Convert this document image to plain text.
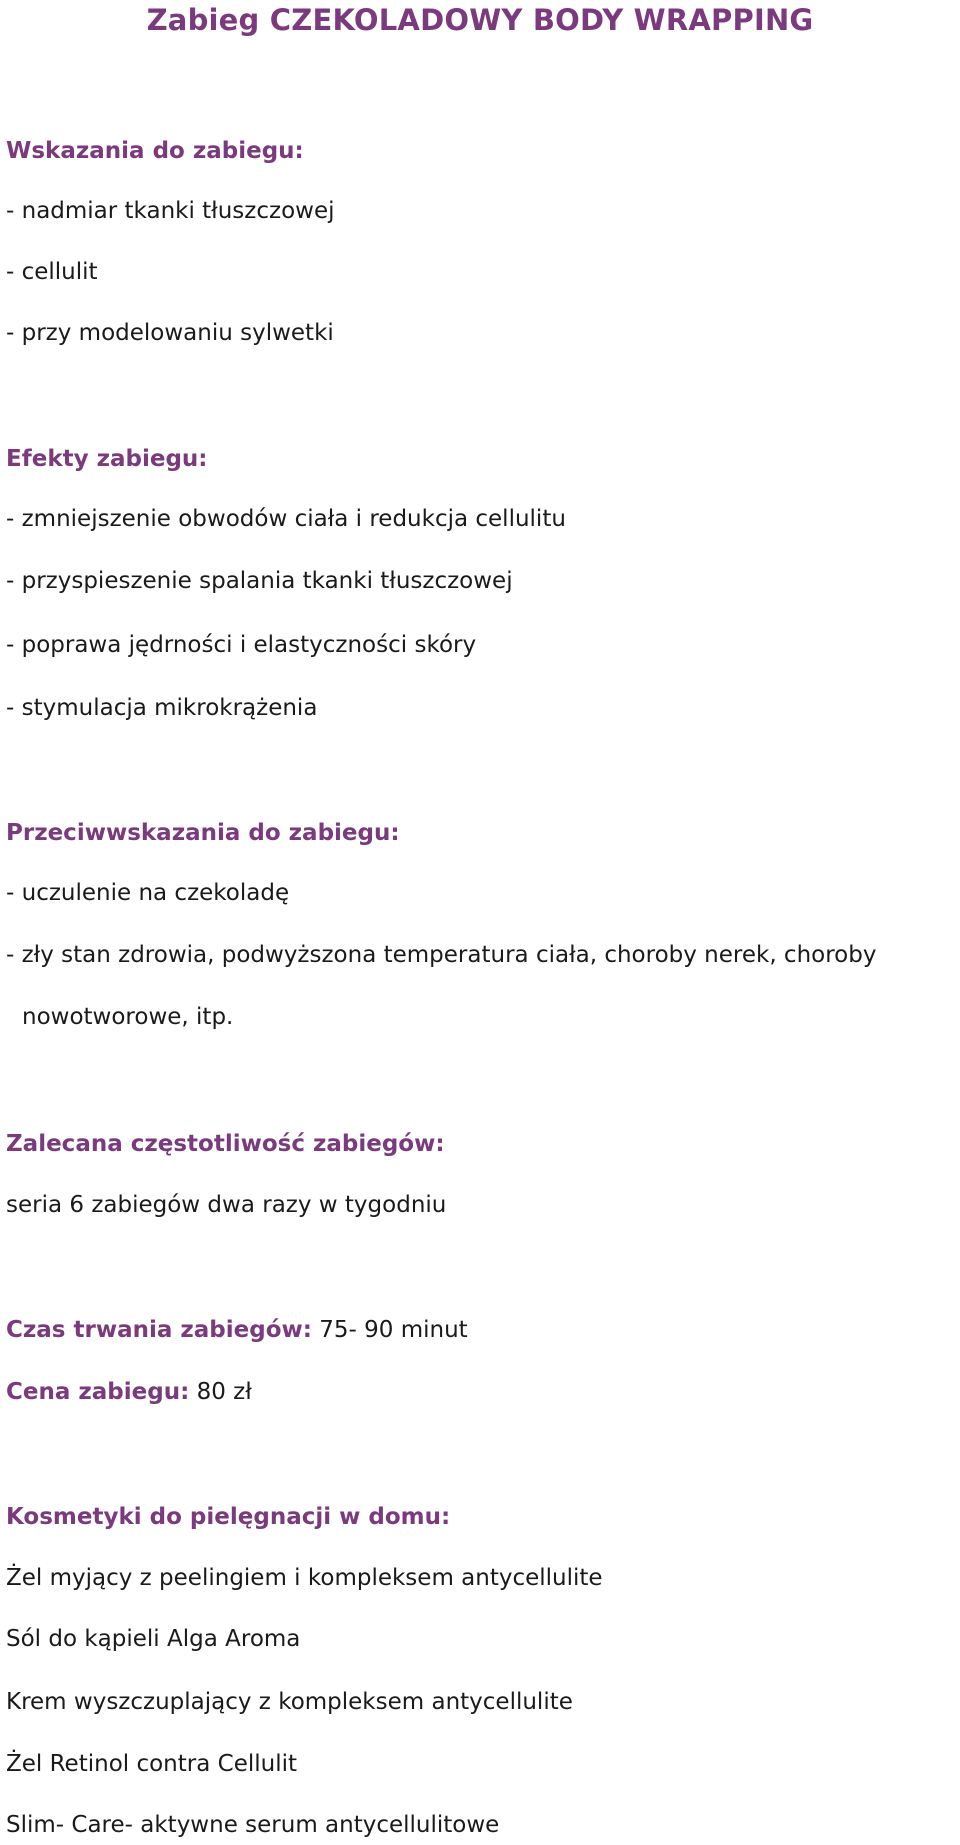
Zabieg CZEKOLADOWY BODY WRAPPING
Wskazania do zabiegu:
- nadmiar tkanki tłuszczowej
- cellulit
- przy modelowaniu sylwetki
Efekty zabiegu:
- zmniejszenie obwodów ciała i redukcja cellulitu
- przyspieszenie spalania tkanki tłuszczowej
- poprawa jędrności i elastyczności skóry
- stymulacja mikrokrążenia
Przeciwwskazania do zabiegu:
- uczulenie na czekoladę
- zły stan zdrowia, podwyższona temperatura ciała, choroby nerek, choroby
nowotworowe, itp.
Zalecana częstotliwość zabiegów:
seria 6 zabiegów dwa razy w tygodniu
Czas trwania zabiegów: 75- 90 minut
Cena zabiegu: 80 zł
Kosmetyki do pielęgnacji w domu:
Żel myjący z peelingiem i kompleksem antycellulite
Sól do kąpieli Alga Aroma
Krem wyszczuplający z kompleksem antycellulite
Żel Retinol contra Cellulit
Slim- Care- aktywne serum antycellulitowe
